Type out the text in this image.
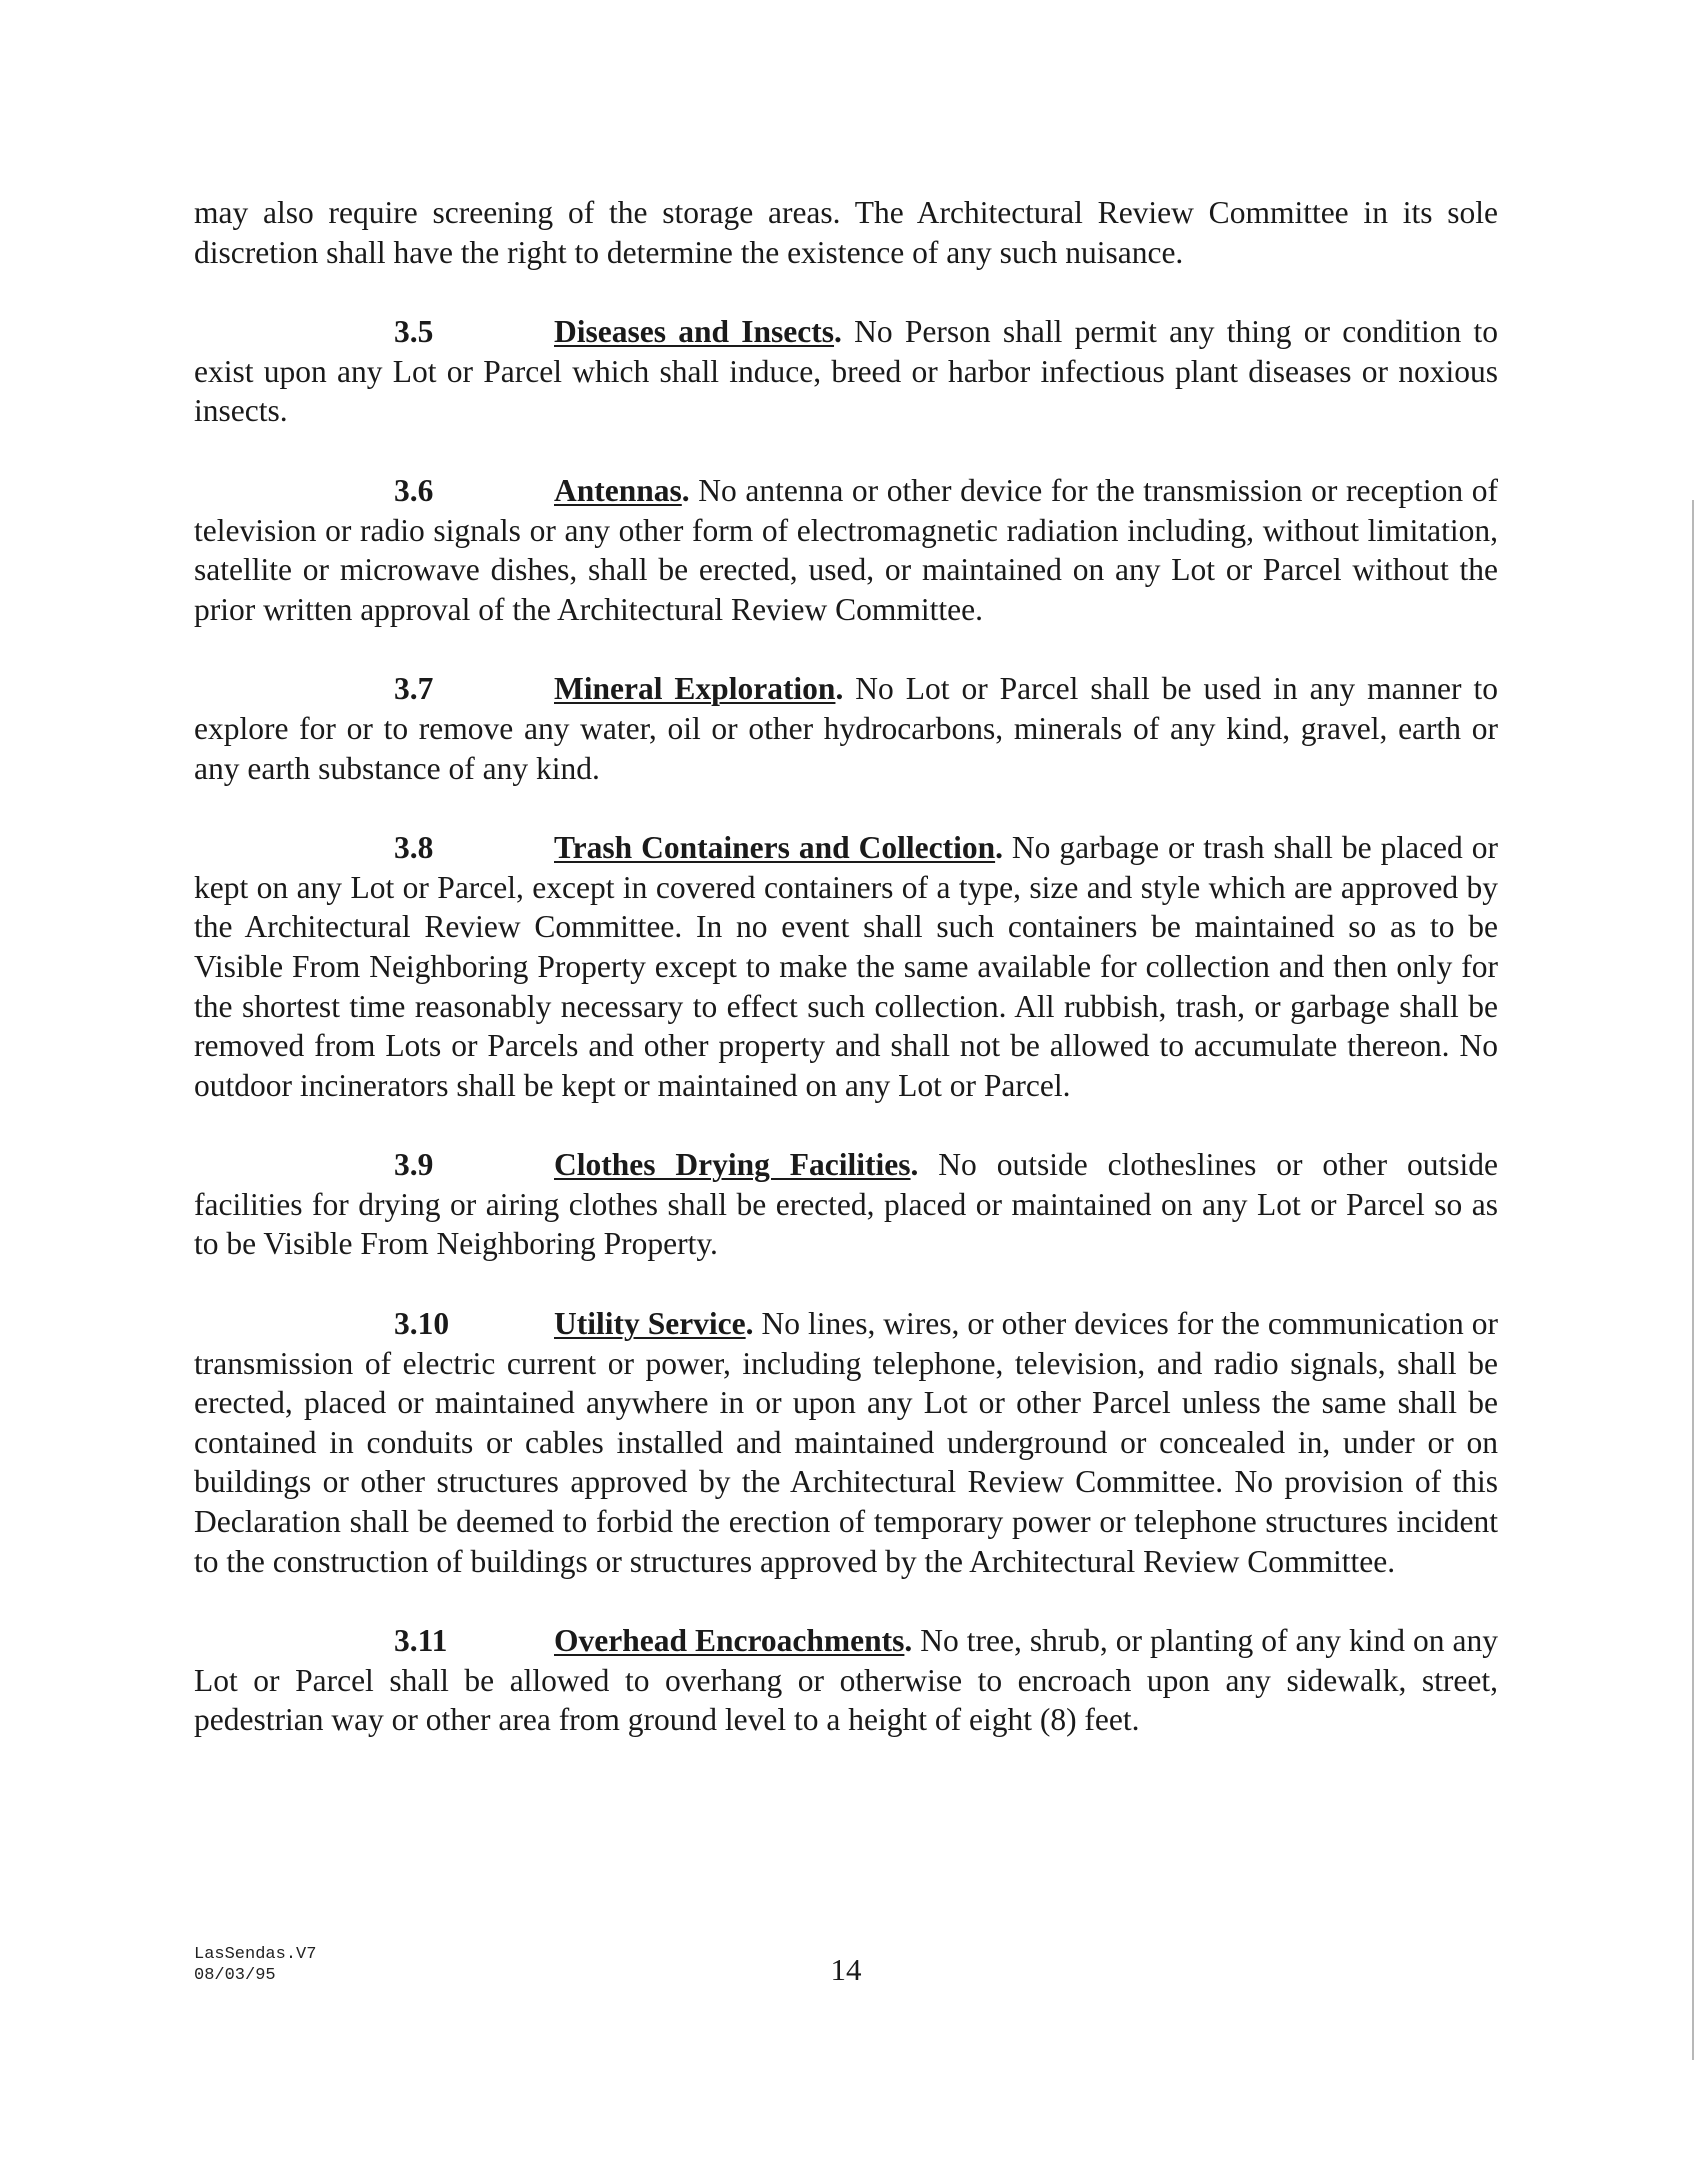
may also require screening of the storage areas. The Architectural Review Committee in its sole discretion shall have the right to determine the existence of any such nuisance.
3.5	Diseases and Insects. No Person shall permit any thing or condition to exist upon any Lot or Parcel which shall induce, breed or harbor infectious plant diseases or noxious insects.
3.6	Antennas. No antenna or other device for the transmission or reception of television or radio signals or any other form of electromagnetic radiation including, without limitation, satellite or microwave dishes, shall be erected, used, or maintained on any Lot or Parcel without the prior written approval of the Architectural Review Committee.
3.7	Mineral Exploration. No Lot or Parcel shall be used in any manner to explore for or to remove any water, oil or other hydrocarbons, minerals of any kind, gravel, earth or any earth substance of any kind.
3.8	Trash Containers and Collection. No garbage or trash shall be placed or kept on any Lot or Parcel, except in covered containers of a type, size and style which are approved by the Architectural Review Committee. In no event shall such containers be maintained so as to be Visible From Neighboring Property except to make the same available for collection and then only for the shortest time reasonably necessary to effect such collection. All rubbish, trash, or garbage shall be removed from Lots or Parcels and other property and shall not be allowed to accumulate thereon. No outdoor incinerators shall be kept or maintained on any Lot or Parcel.
3.9	Clothes Drying Facilities. No outside clotheslines or other outside facilities for drying or airing clothes shall be erected, placed or maintained on any Lot or Parcel so as to be Visible From Neighboring Property.
3.10	Utility Service. No lines, wires, or other devices for the communication or transmission of electric current or power, including telephone, television, and radio signals, shall be erected, placed or maintained anywhere in or upon any Lot or other Parcel unless the same shall be contained in conduits or cables installed and maintained underground or concealed in, under or on buildings or other structures approved by the Architectural Review Committee. No provision of this Declaration shall be deemed to forbid the erection of temporary power or telephone structures incident to the construction of buildings or structures approved by the Architectural Review Committee.
3.11	Overhead Encroachments. No tree, shrub, or planting of any kind on any Lot or Parcel shall be allowed to overhang or otherwise to encroach upon any sidewalk, street, pedestrian way or other area from ground level to a height of eight (8) feet.
LasSendas.V7
08/03/95	14
